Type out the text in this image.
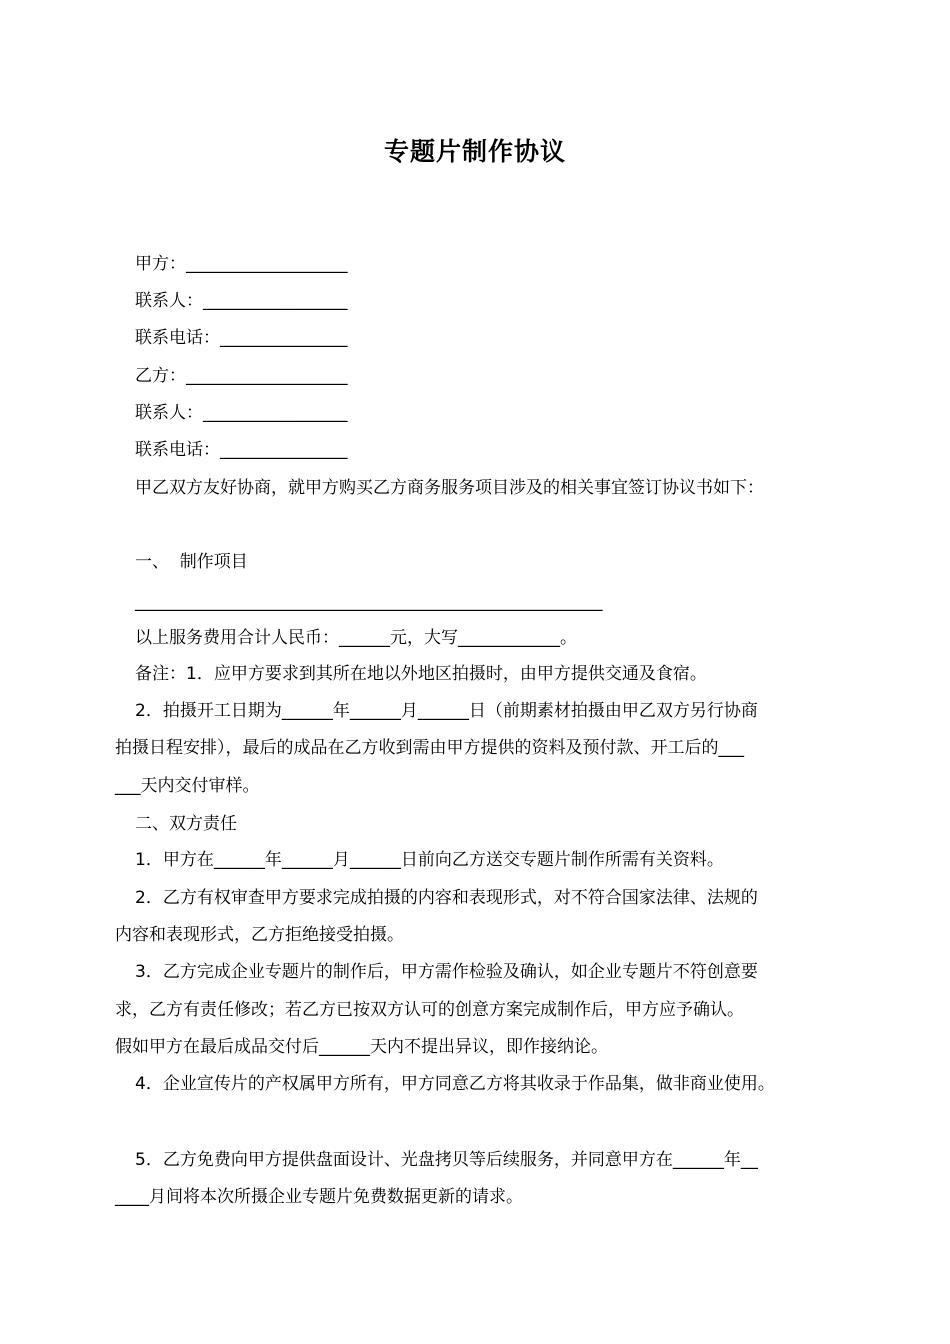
专题片制作协议
甲方：___________________
联系人：_________________
联系电话：_______________
乙方：___________________
联系人：_________________
联系电话：_______________
甲乙双方友好协商，就甲方购买乙方商务服务项目涉及的相关事宜签订协议书如下：
一、  制作项目
_______________________________________________________
以上服务费用合计人民币：______元，大写____________。
备注：1．应甲方要求到其所在地以外地区拍摄时，由甲方提供交通及食宿。
2．拍摄开工日期为______年______月______日（前期素材拍摄由甲乙双方另行协商
拍摄日程安排），最后的成品在乙方收到需由甲方提供的资料及预付款、开工后的___
___天内交付审样。
二、双方责任
1．甲方在______年______月______日前向乙方送交专题片制作所需有关资料。
2．乙方有权审查甲方要求完成拍摄的内容和表现形式，对不符合国家法律、法规的
内容和表现形式，乙方拒绝接受拍摄。
3．乙方完成企业专题片的制作后，甲方需作检验及确认，如企业专题片不符创意要
求，乙方有责任修改；若乙方已按双方认可的创意方案完成制作后，甲方应予确认。
假如甲方在最后成品交付后______天内不提出异议，即作接纳论。
4．企业宣传片的产权属甲方所有，甲方同意乙方将其收录于作品集，做非商业使用。
5．乙方免费向甲方提供盘面设计、光盘拷贝等后续服务，并同意甲方在______年__
____月间将本次所摄企业专题片免费数据更新的请求。
